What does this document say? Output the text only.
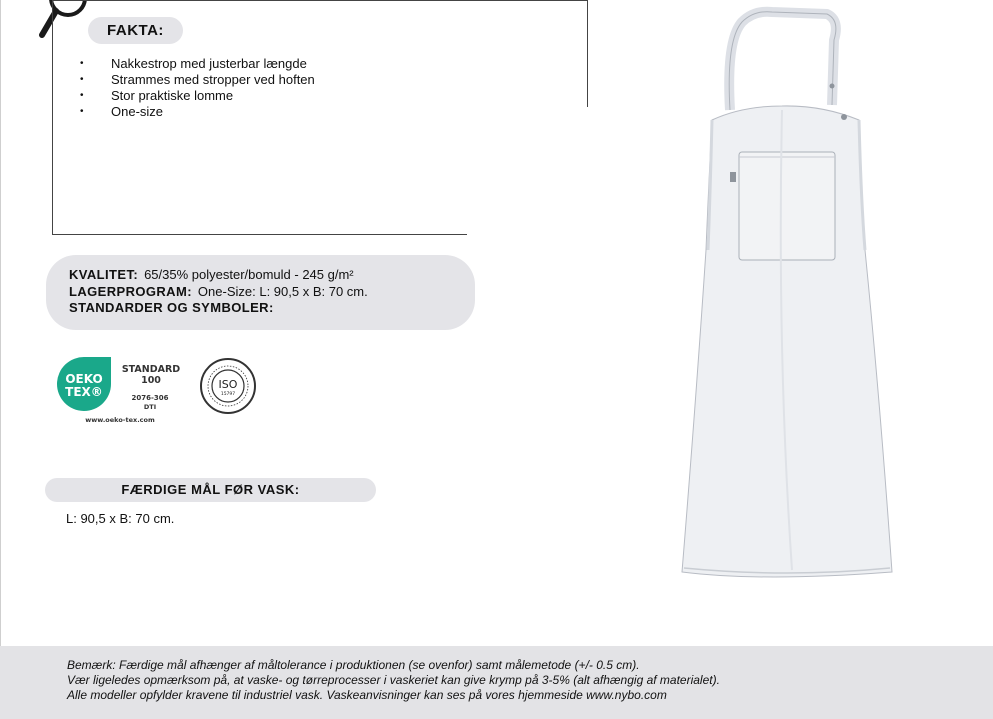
FAKTA:
• Nakkestrop med justerbar længde
• Strammes med stropper ved hoften
• Stor praktiske lomme
• One-size
KVALITET: 65/35% polyester/bomuld - 245 g/m²
LAGERPROGRAM: One-Size: L: 90,5 x B: 70 cm.
STANDARDER OG SYMBOLER:
OEKO
TEX®
STANDARD
100
2076-306
DTI
www.oeko-tex.com
ISO
15797
FÆRDIGE MÅL FØR VASK:
L: 90,5 x B: 70 cm.
Bemærk: Færdige mål afhænger af måltolerance i produktionen (se ovenfor) samt målemetode (+/- 0.5 cm).
Vær ligeledes opmærksom på, at vaske- og tørreprocesser i vaskeriet kan give krymp på 3-5% (alt afhængig af materialet).
Alle modeller opfylder kravene til industriel vask. Vaskeanvisninger kan ses på vores hjemmeside www.nybo.com
